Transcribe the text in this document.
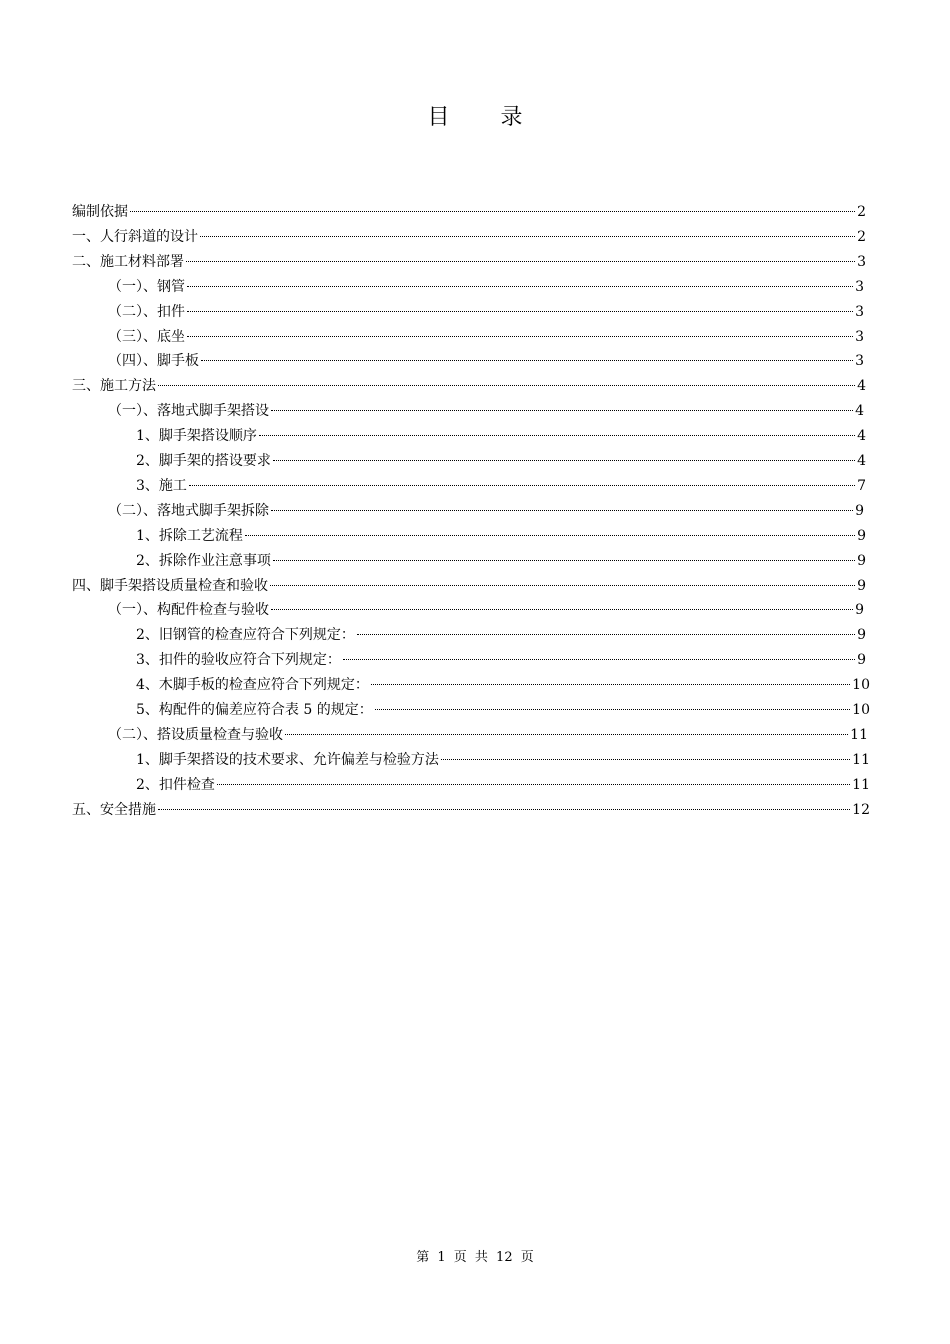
目 录
编制依据	2
一、人行斜道的设计	2
二、施工材料部署	3
（一）、钢管	3
（二）、扣件	3
（三）、底坐	3
（四）、脚手板	3
三、施工方法	4
（一）、落地式脚手架搭设	4
1、脚手架搭设顺序	4
2、脚手架的搭设要求	4
3、施工	7
（二）、落地式脚手架拆除	9
1、拆除工艺流程	9
2、拆除作业注意事项	9
四、脚手架搭设质量检查和验收	9
（一）、构配件检查与验收	9
2、旧钢管的检查应符合下列规定：	9
3、扣件的验收应符合下列规定：	9
4、木脚手板的检查应符合下列规定：	10
5、构配件的偏差应符合表 5 的规定：	10
（二）、搭设质量检查与验收	11
1、脚手架搭设的技术要求、允许偏差与检验方法	11
2、扣件检查	11
五、安全措施	12
第 1 页 共 12 页
